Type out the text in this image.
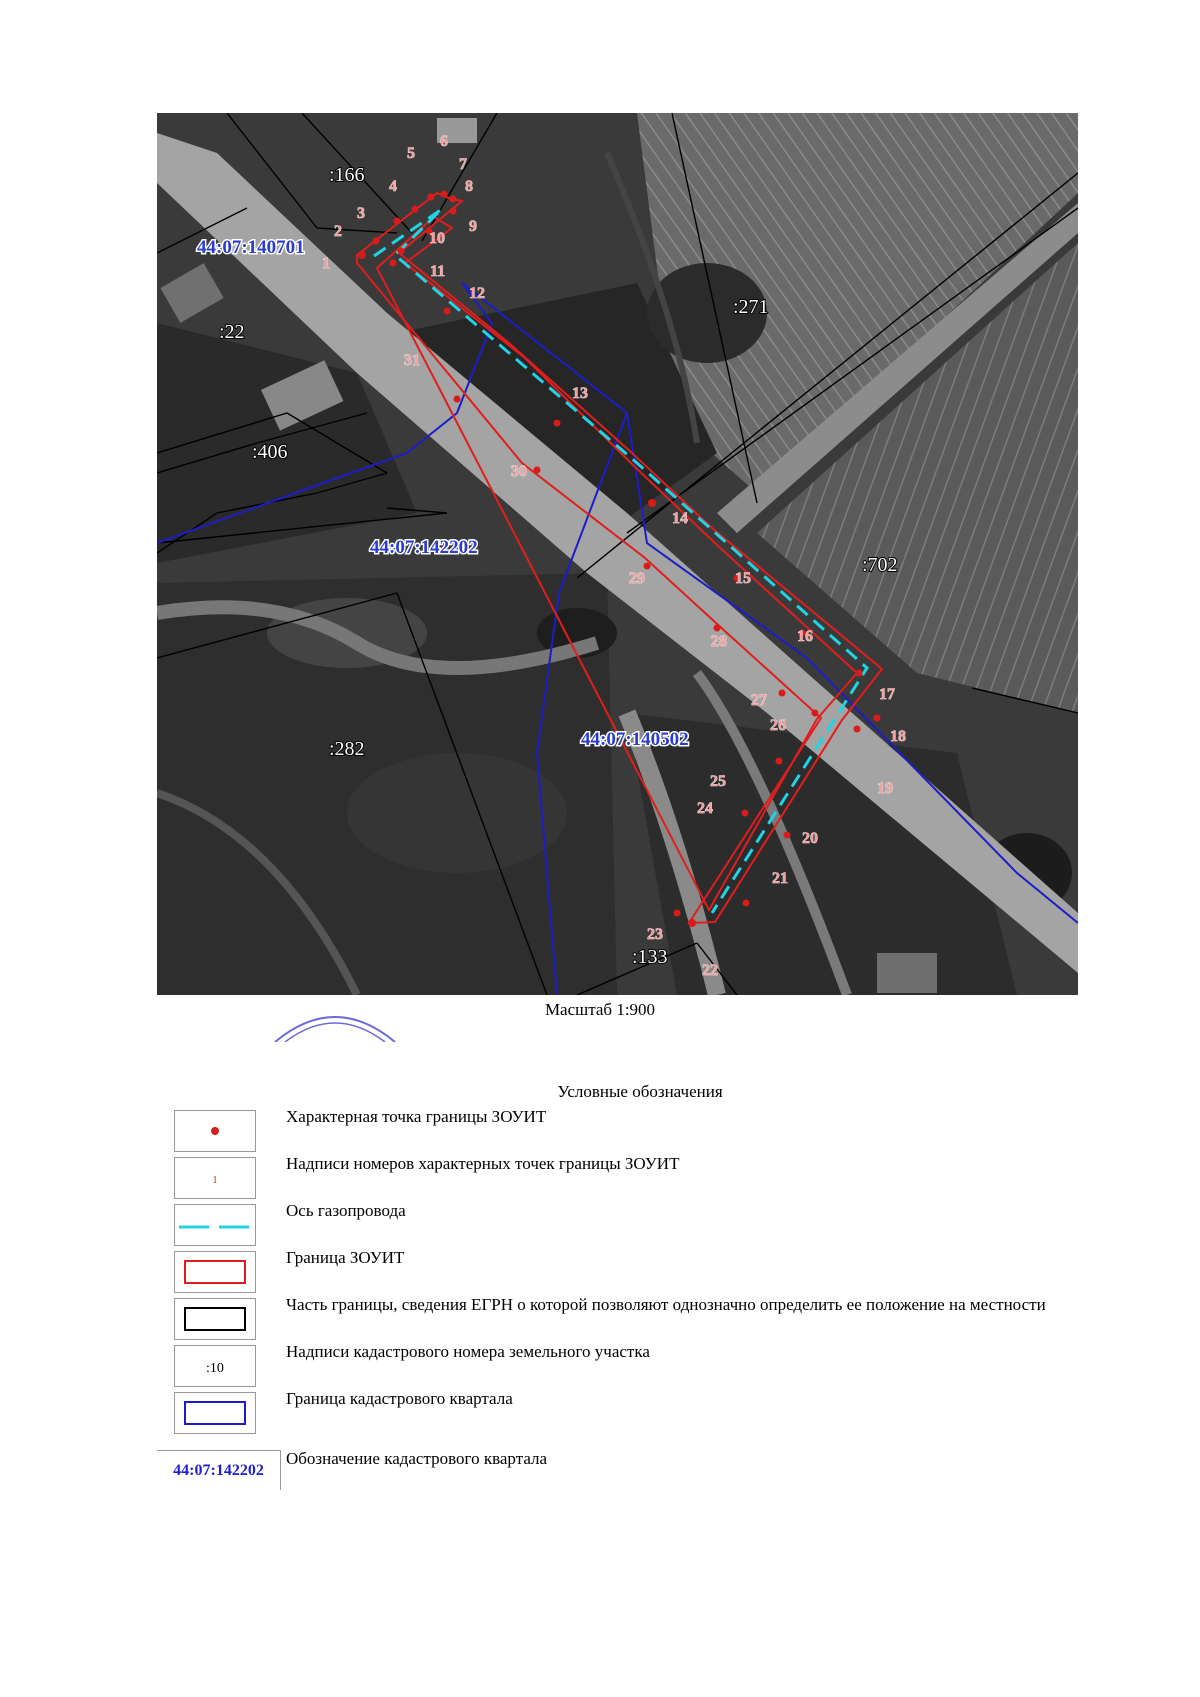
1
2
3
4
5
6
7
8
9
10
11
12
13
14
15
16
17
18
19
20
21
22
23
24
25
26
27
28
29
30
31
:166
:22
:406
:271
:702
:282
:133
44:07:140701
44:07:142202
44:07:140502
Масштаб 1:900
Условные обозначения
Характерная точка границы ЗОУИТ
1
Надписи номеров характерных точек границы ЗОУИТ
Ось газопровода
Граница ЗОУИТ
Часть границы, сведения ЕГРН о которой позволяют однозначно определить ее положение на местности
:10
Надписи кадастрового номера земельного участка
Граница кадастрового квартала
44:07:142202
Обозначение кадастрового квартала
